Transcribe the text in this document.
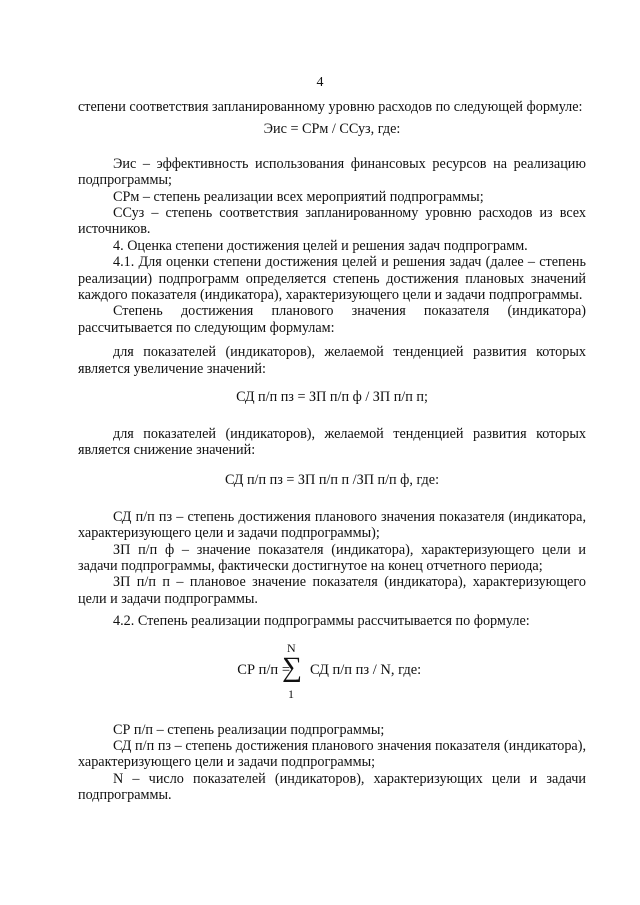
4

степени соответствия запланированному уровню расходов по следующей формуле:

Эис = СРм / ССуз, где:

Эис – эффективность использования финансовых ресурсов на реализацию подпрограммы;

СРм – степень реализации всех мероприятий подпрограммы;

ССуз – степень соответствия запланированному уровню расходов из всех источников.

4. Оценка степени достижения целей и решения задач подпрограмм.

4.1. Для оценки степени достижения целей и решения задач (далее – степень реализации) подпрограмм определяется степень достижения плановых значений каждого показателя (индикатора), характеризующего цели и задачи подпрограммы.

Степень достижения планового значения показателя (индикатора) рассчитывается по следующим формулам:

для показателей (индикаторов), желаемой тенденцией развития которых является увеличение значений:

СД п/п пз = ЗП п/п ф / ЗП п/п п;

для показателей (индикаторов), желаемой тенденцией развития которых является снижение значений:

СД п/п пз = ЗП п/п п /ЗП п/п ф, где:

СД п/п пз – степень достижения планового значения показателя (индикатора, характеризующего цели и задачи подпрограммы);

ЗП п/п ф – значение показателя (индикатора), характеризующего цели и задачи подпрограммы, фактически достигнутое на конец отчетного периода;

ЗП п/п п – плановое значение показателя (индикатора), характеризующего цели и задачи подпрограммы.

4.2. Степень реализации подпрограммы рассчитывается по формуле:

СР п/п =
N
∑
1
СД п/п пз / N, где:

СР п/п – степень реализации подпрограммы;

СД п/п пз – степень достижения планового значения показателя (индикатора), характеризующего цели и задачи подпрограммы;

N – число показателей (индикаторов), характеризующих цели и задачи подпрограммы.
